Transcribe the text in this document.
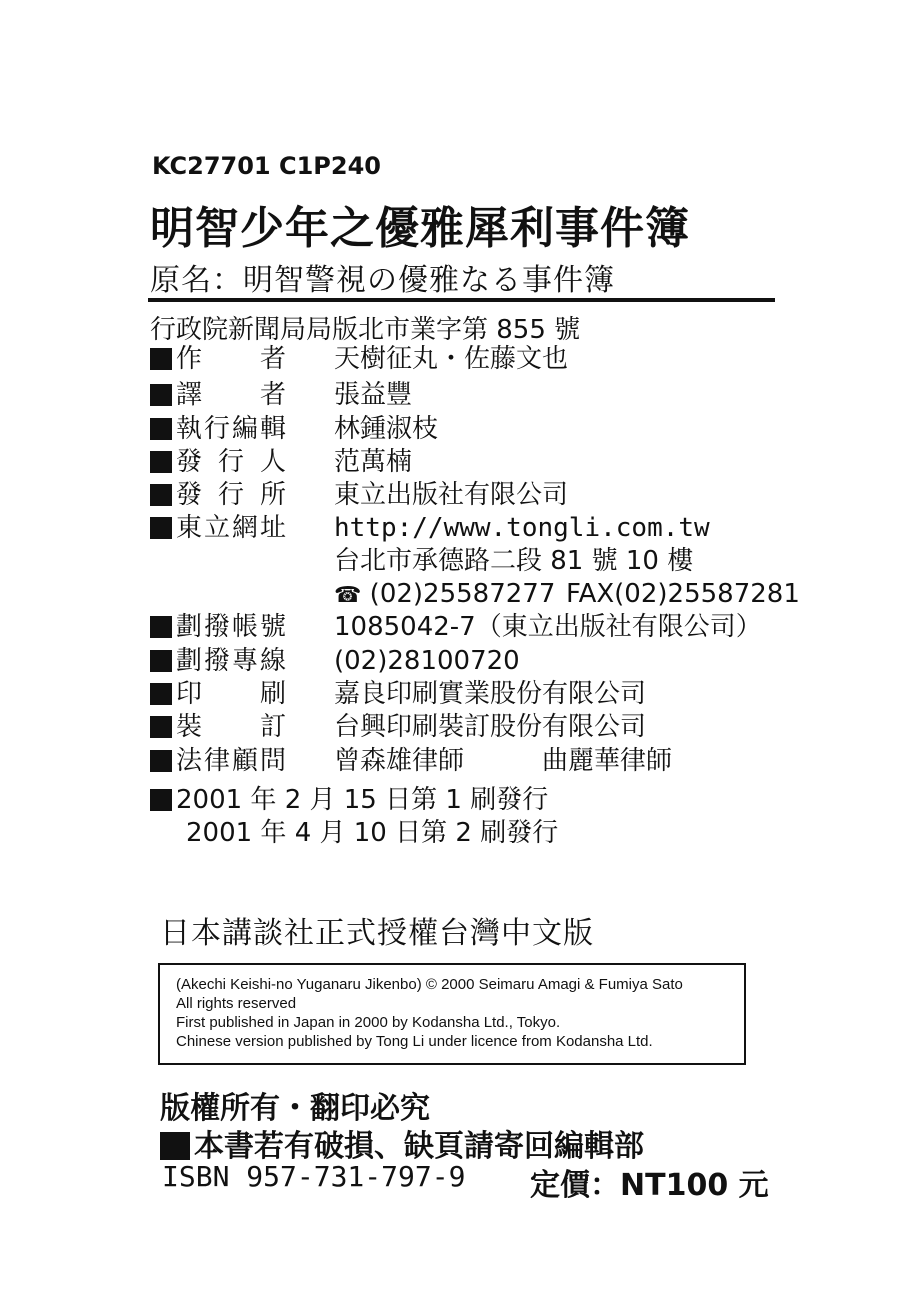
KC27701 C1P240
明智少年之優雅犀利事件簿
原名：明智警視の優雅なる事件簿
行政院新聞局局版北市業字第 855 號
作 者 天樹征丸・佐藤文也
譯 者 張益豐
執行編輯 林鍾淑枝
發 行 人 范萬楠
發 行 所 東立出版社有限公司
東立網址 http://www.tongli.com.tw
台北市承德路二段 81 號 10 樓
☎ (02)25587277 FAX(02)25587281
劃撥帳號 1085042-7（東立出版社有限公司）
劃撥專線 (02)28100720
印 刷 嘉良印刷實業股份有限公司
裝 訂 台興印刷裝訂股份有限公司
法律顧問 曾森雄律師	曲麗華律師
2001 年 2 月 15 日第 1 刷發行
2001 年 4 月 10 日第 2 刷發行
日本講談社正式授權台灣中文版
(Akechi Keishi-no Yuganaru Jikenbo) © 2000 Seimaru Amagi & Fumiya Sato
All rights reserved
First published in Japan in 2000 by Kodansha Ltd., Tokyo.
Chinese version published by Tong Li under licence from Kodansha Ltd.
版權所有・翻印必究
本書若有破損、缺頁請寄回編輯部
ISBN 957-731-797-9 定價：NT100 元
